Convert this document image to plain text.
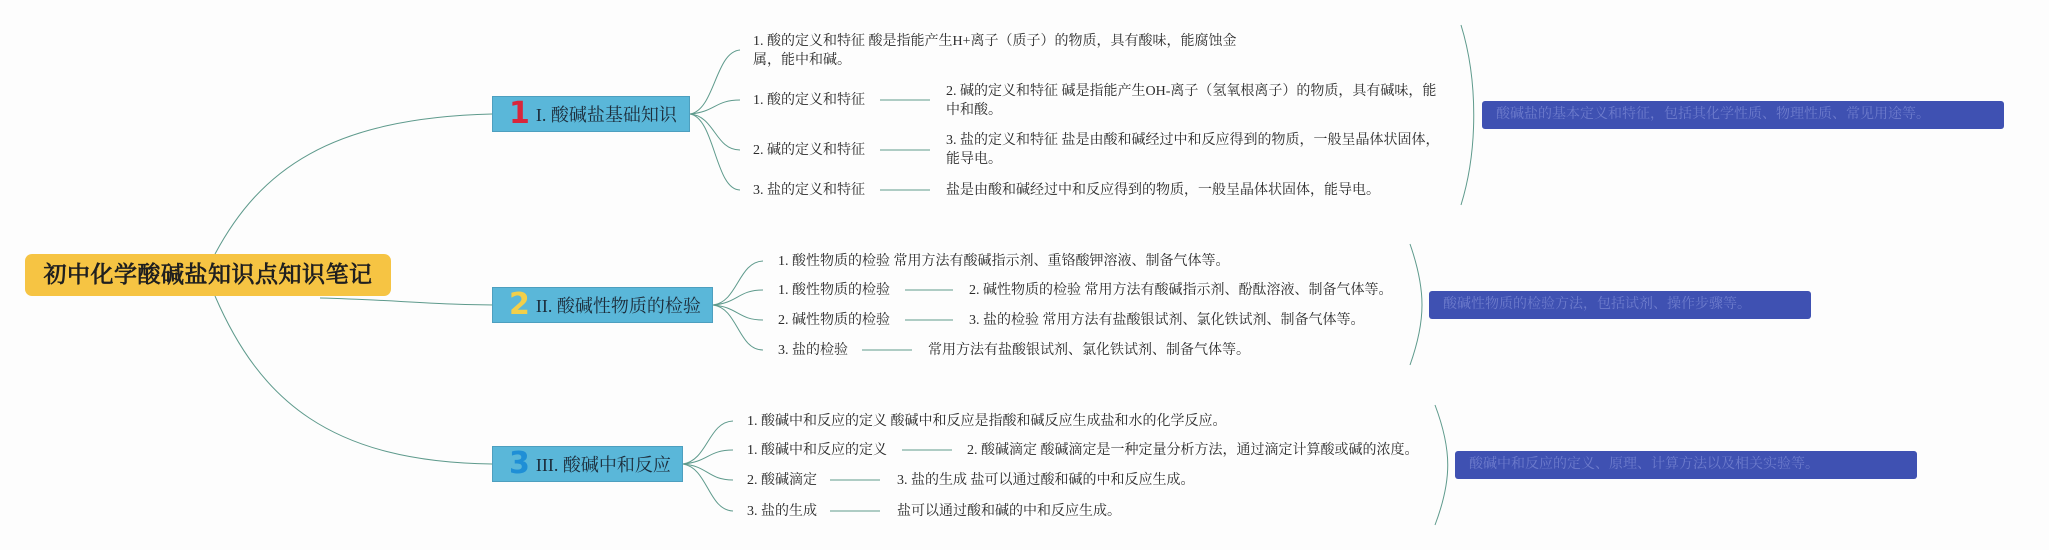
初中化学酸碱盐知识点知识笔记
1 I. 酸碱盐基础知识
1. 酸的定义和特征 酸是指能产生H+离子（质子）的物质，具有酸味，能腐蚀金属，能中和碱。
1. 酸的定义和特征
2. 碱的定义和特征 碱是指能产生OH-离子（氢氧根离子）的物质，具有碱味，能中和酸。
2. 碱的定义和特征
3. 盐的定义和特征 盐是由酸和碱经过中和反应得到的物质，一般呈晶体状固体，能导电。
3. 盐的定义和特征	盐是由酸和碱经过中和反应得到的物质，一般呈晶体状固体，能导电。
酸碱盐的基本定义和特征，包括其化学性质、物理性质、常见用途等。
2 II. 酸碱性物质的检验
1. 酸性物质的检验 常用方法有酸碱指示剂、重铬酸钾溶液、制备气体等。
1. 酸性物质的检验	2. 碱性物质的检验 常用方法有酸碱指示剂、酚酞溶液、制备气体等。
2. 碱性物质的检验	3. 盐的检验 常用方法有盐酸银试剂、氯化铁试剂、制备气体等。
3. 盐的检验	常用方法有盐酸银试剂、氯化铁试剂、制备气体等。
酸碱性物质的检验方法，包括试剂、操作步骤等。
3 III. 酸碱中和反应
1. 酸碱中和反应的定义 酸碱中和反应是指酸和碱反应生成盐和水的化学反应。
1. 酸碱中和反应的定义	2. 酸碱滴定 酸碱滴定是一种定量分析方法，通过滴定计算酸或碱的浓度。
2. 酸碱滴定	3. 盐的生成 盐可以通过酸和碱的中和反应生成。
3. 盐的生成	盐可以通过酸和碱的中和反应生成。
酸碱中和反应的定义、原理、计算方法以及相关实验等。
